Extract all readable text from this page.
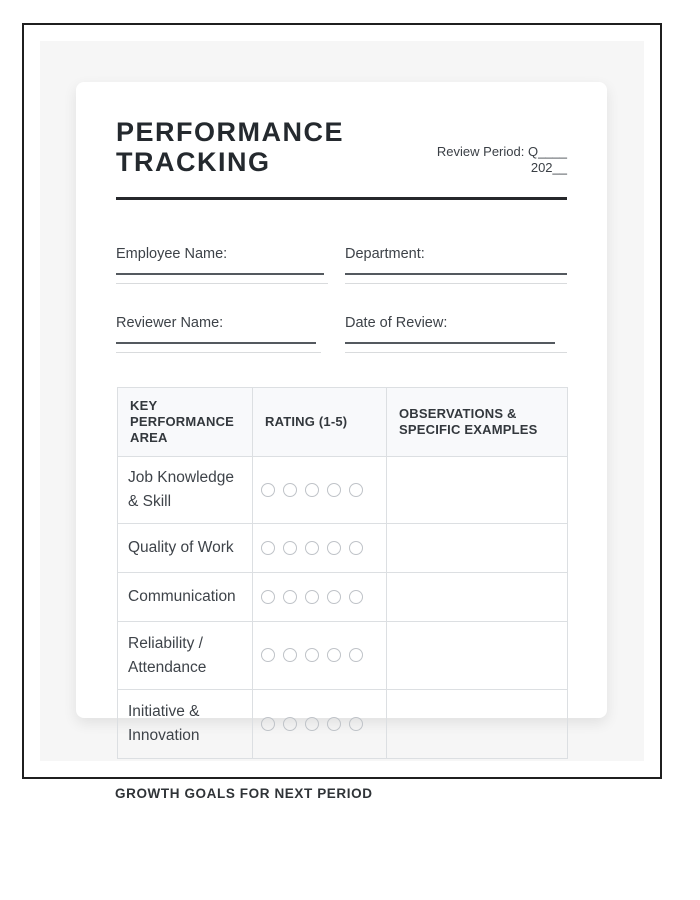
PERFORMANCE TRACKING	Review Period: Q____
202__
Employee Name:	Department:
Reviewer Name:	Date of Review:
KEY PERFORMANCE AREA	RATING (1-5)	OBSERVATIONS & SPECIFIC EXAMPLES
Job Knowledge & Skill		
Quality of Work		
Communication		
Reliability / Attendance		
Initiative & Innovation		
GROWTH GOALS FOR NEXT PERIOD
